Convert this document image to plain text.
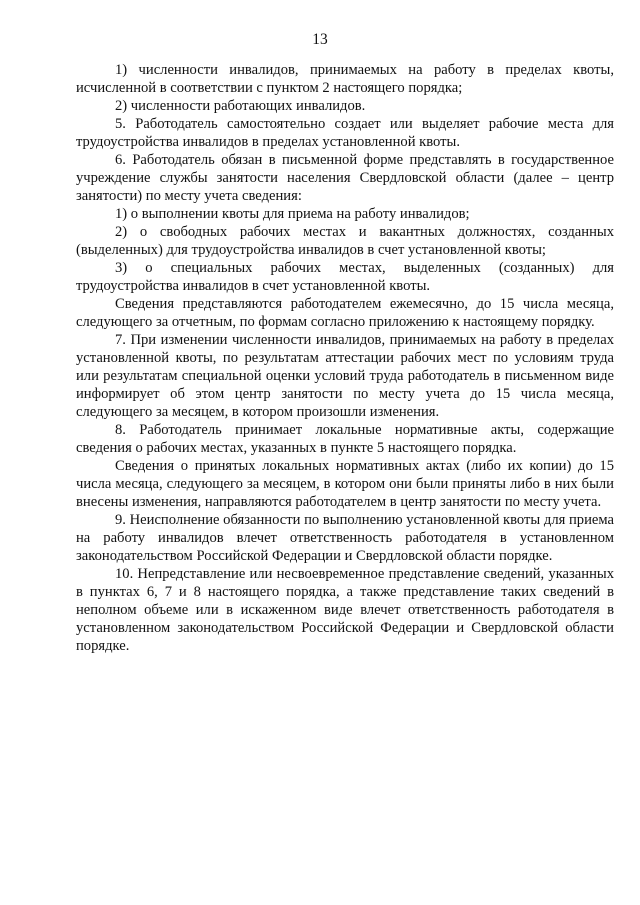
13

1) численности инвалидов, принимаемых на работу в пределах квоты, исчисленной в соответствии с пунктом 2 настоящего порядка;

2) численности работающих инвалидов.

5. Работодатель самостоятельно создает или выделяет рабочие места для трудоустройства инвалидов в пределах установленной квоты.

6. Работодатель обязан в письменной форме представлять в государственное учреждение службы занятости населения Свердловской области (далее – центр занятости) по месту учета сведения:

1) о выполнении квоты для приема на работу инвалидов;

2) о свободных рабочих местах и вакантных должностях, созданных (выделенных) для трудоустройства инвалидов в счет установленной квоты;

3) о специальных рабочих местах, выделенных (созданных) для трудоустройства инвалидов в счет установленной квоты.

Сведения представляются работодателем ежемесячно, до 15 числа месяца, следующего за отчетным, по формам согласно приложению к настоящему порядку.

7. При изменении численности инвалидов, принимаемых на работу в пределах установленной квоты, по результатам аттестации рабочих мест по условиям труда или результатам специальной оценки условий труда работодатель в письменном виде информирует об этом центр занятости по месту учета до 15 числа месяца, следующего за месяцем, в котором произошли изменения.

8. Работодатель принимает локальные нормативные акты, содержащие сведения о рабочих местах, указанных в пункте 5 настоящего порядка.

Сведения о принятых локальных нормативных актах (либо их копии) до 15 числа месяца, следующего за месяцем, в котором они были приняты либо в них были внесены изменения, направляются работодателем в центр занятости по месту учета.

9. Неисполнение обязанности по выполнению установленной квоты для приема на работу инвалидов влечет ответственность работодателя в установленном законодательством Российской Федерации и Свердловской области порядке.

10. Непредставление или несвоевременное представление сведений, указанных в пунктах 6, 7 и 8 настоящего порядка, а также представление таких сведений в неполном объеме или в искаженном виде влечет ответственность работодателя в установленном законодательством Российской Федерации и Свердловской области порядке.
